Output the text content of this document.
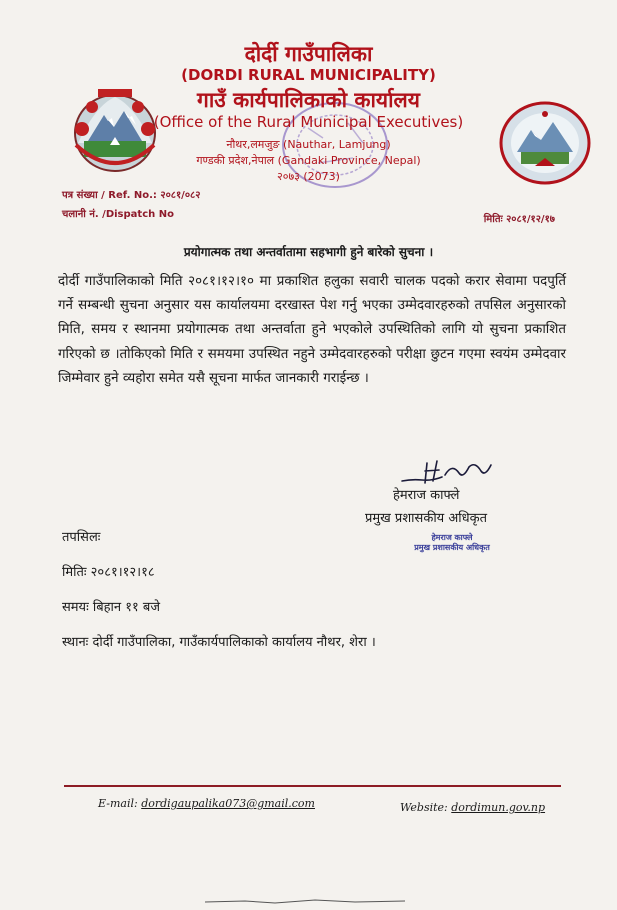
दोर्दी गाउँपालिका
(DORDI RURAL MUNICIPALITY)
गाउँ कार्यपालिकाको कार्यालय
(Office of the Rural Municipal Executives)
नौथर,लमजुङ (Nauthar, Lamjung)
गण्डकी प्रदेश,नेपाल (Gandaki Province, Nepal)
२०७३ (2073)
पत्र संख्या / Ref. No.: २०८१/०८२
चलानी नं. /Dispatch No	मितिः २०८१/१२/१७
प्रयोगात्मक तथा अन्तर्वातामा सहभागी हुने बारेको सुचना ।
दोर्दी गाउँपालिकाको मिति २०८१।१२।१० मा प्रकाशित हलुका सवारी चालक पदको करार सेवामा पदपुर्ति गर्ने सम्बन्धी सुचना अनुसार यस कार्यालयमा दरखास्त पेश गर्नु भएका उम्मेदवारहरुको तपसिल अनुसारको मिति, समय र स्थानमा प्रयोगात्मक तथा अन्तर्वाता हुने भएकोले उपस्थितिको लागि यो सुचना प्रकाशित गरिएको छ ।तोकिएको मिति र समयमा उपस्थित नहुने उम्मेदवारहरुको परीक्षा छुटन गएमा स्वयंम उम्मेदवार जिम्मेवार हुने व्यहोरा समेत यसै सूचना मार्फत जानकारी गराईन्छ ।
हेमराज काफ्ले
प्रमुख प्रशासकीय अधिकृत
हेमराज काफ्ले
प्रमुख प्रशासकीय अधिकृत
तपसिलः
मितिः २०८१।१२।१८
समयः बिहान ११ बजे
स्थानः दोर्दी गाउँपालिका, गाउँकार्यपालिकाको कार्यालय नौथर, शेरा ।
E-mail: dordigaupalika073@gmail.com	Website: dordimun.gov.np
